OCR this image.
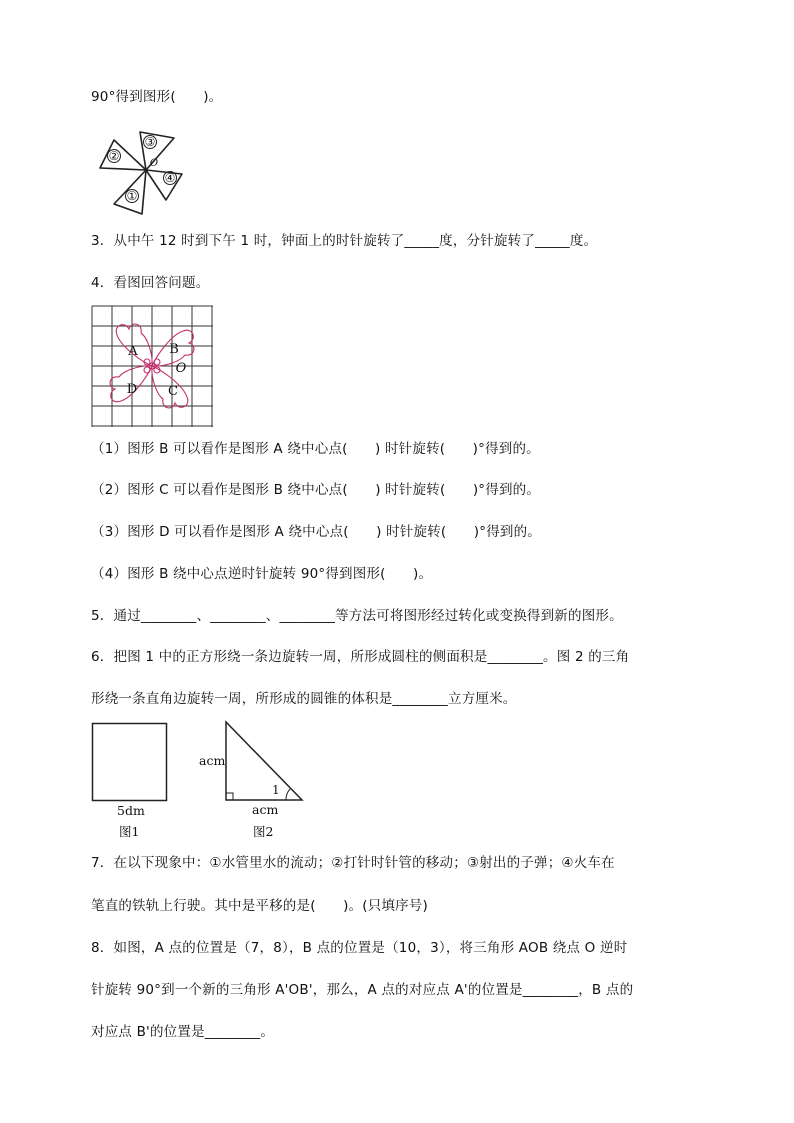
90°得到图形(　　)。
①
②
③
④
O
3．从中午 12 时到下午 1 时，钟面上的时针旋转了_____度，分针旋转了_____度。
4．看图回答问题。
A B
O
D C
（1）图形 B 可以看作是图形 A 绕中心点(　　) 时针旋转(　　)°得到的。
（2）图形 C 可以看作是图形 B 绕中心点(　　) 时针旋转(　　)°得到的。
（3）图形 D 可以看作是图形 A 绕中心点(　　) 时针旋转(　　)°得到的。
（4）图形 B 绕中心点逆时针旋转 90°得到图形(　　)。
5．通过________、________、________等方法可将图形经过转化或变换得到新的图形。
6．把图 1 中的正方形绕一条边旋转一周，所形成圆柱的侧面积是________。图 2 的三角
形绕一条直角边旋转一周，所形成的圆锥的体积是________立方厘米。
5dm
图1
1
acm
acm
图2
7．在以下现象中：①水管里水的流动；②打针时针管的移动；③射出的子弹；④火车在
笔直的铁轨上行驶。其中是平移的是(　　)。(只填序号)
8．如图，A 点的位置是（7，8），B 点的位置是（10，3），将三角形 AOB 绕点 O 逆时
针旋转 90°到一个新的三角形 A'OB'，那么，A 点的对应点 A'的位置是________，B 点的
对应点 B'的位置是________。
